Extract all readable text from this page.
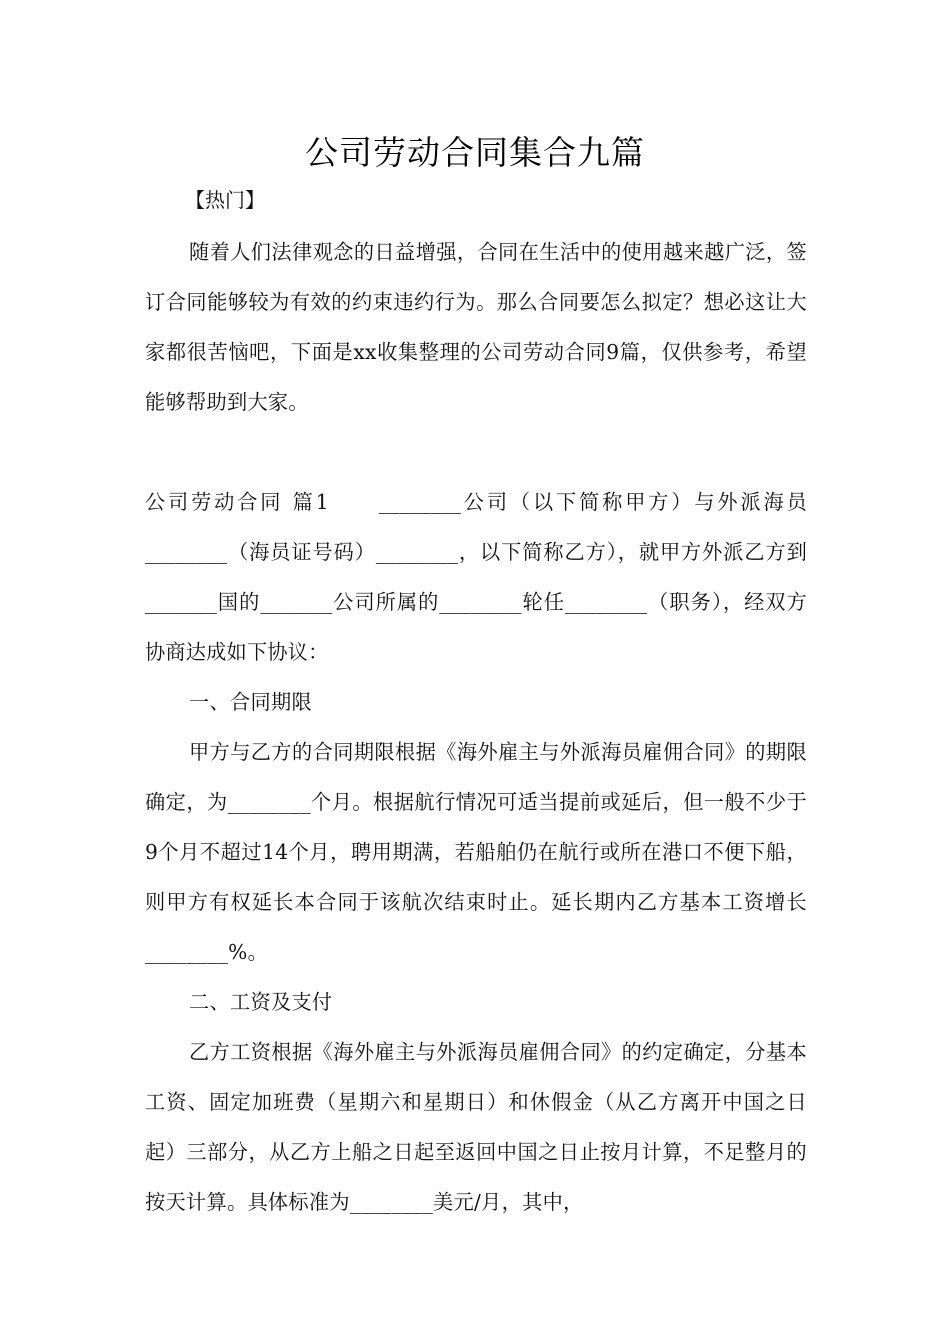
公司劳动合同集合九篇
【热门】

随着人们法律观念的日益增强，合同在生活中的使用越来越广泛，签订合同能够较为有效的约束违约行为。那么合同要怎么拟定？想必这让大家都很苦恼吧，下面是xx收集整理的公司劳动合同9篇，仅供参考，希望能够帮助到大家。

公司劳动合同 篇1 ________公司（以下简称甲方）与外派海员________（海员证号码）________，以下简称乙方），就甲方外派乙方到_______国的_______公司所属的________轮任________（职务），经双方协商达成如下协议：

一、合同期限

甲方与乙方的合同期限根据《海外雇主与外派海员雇佣合同》的期限确定，为________个月。根据航行情况可适当提前或延后，但一般不少于9个月不超过14个月，聘用期满，若船舶仍在航行或所在港口不便下船，则甲方有权延长本合同于该航次结束时止。延长期内乙方基本工资增长________%。

二、工资及支付

乙方工资根据《海外雇主与外派海员雇佣合同》的约定确定，分基本工资、固定加班费（星期六和星期日）和休假金（从乙方离开中国之日起）三部分，从乙方上船之日起至返回中国之日止按月计算，不足整月的按天计算。具体标准为________美元/月，其中，
